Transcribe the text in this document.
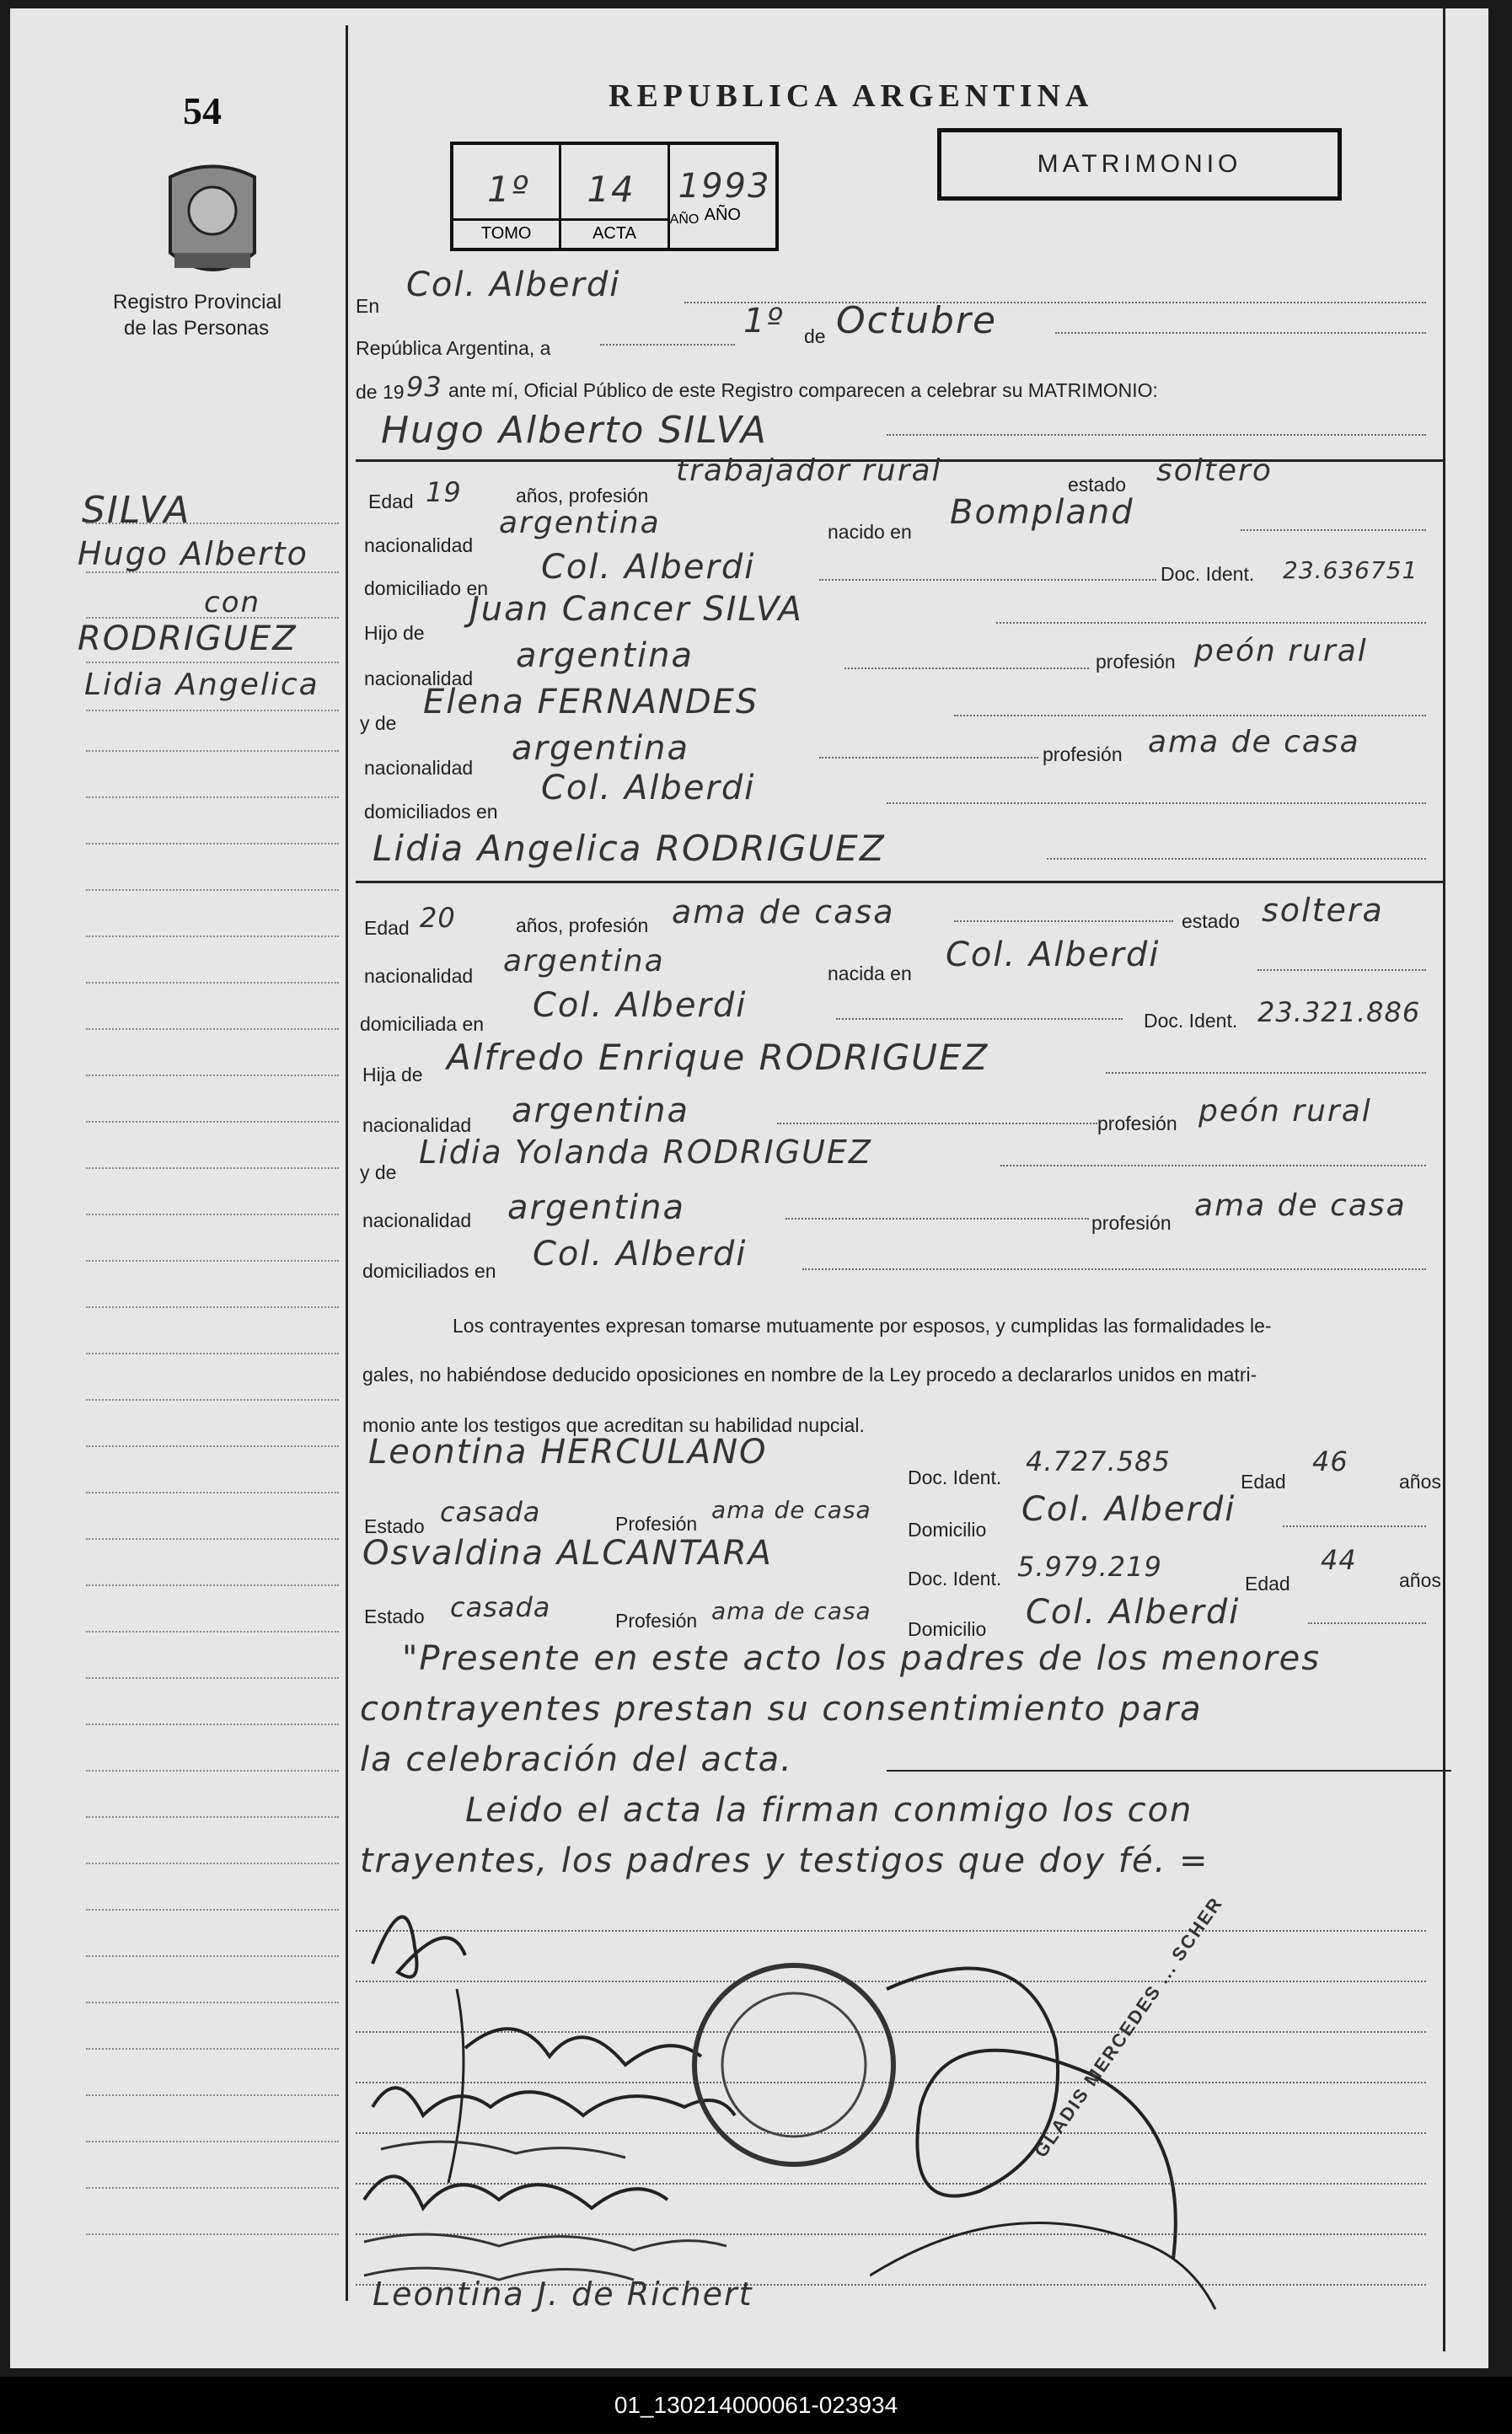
54
Registro Provincial
de las Personas
REPUBLICA ARGENTINA
MATRIMONIO
1º
TOMO
14
ACTA
1993
AÑO AÑO
SILVA
Hugo Alberto
con
RODRIGUEZ
Lidia Angelica
En
Col. Alberdi
República Argentina, a
1º de Octubre
de 19 93 ante mí, Oficial Público de este Registro comparecen a celebrar su MATRIMONIO:
Hugo Alberto SILVA
Edad 19	años, profesión
trabajador rural	estado soltero
nacionalidad
argentina	nacido en Bompland
domiciliado en
Col. Alberdi	Doc. Ident. 23.636751
Hijo de
Juan Cancer SILVA
nacionalidad
argentina	profesión peón rural
y de
Elena FERNANDES
nacionalidad argentina	profesión ama de casa
domiciliados en
Col. Alberdi
Lidia Angelica RODRIGUEZ
Edad 20	años, profesión ama de casa	estado soltera
nacionalidad argentina	nacida en Col. Alberdi
domiciliada en Col. Alberdi	Doc. Ident. 23.321.886
Hija de Alfredo Enrique RODRIGUEZ
nacionalidad argentina	profesión peón rural
y de
Lidia Yolanda RODRIGUEZ
nacionalidad argentina	profesión ama de casa
domiciliados en Col. Alberdi
Los contrayentes expresan tomarse mutuamente por esposos, y cumplidas las formalidades le-
gales, no habiéndose deducido oposiciones en nombre de la Ley procedo a declararlos unidos en matri-
monio ante los testigos que acreditan su habilidad nupcial.
Leontina HERCULANO
Doc. Ident. 4.727.585
Edad
46
años
Estado casada	Profesión ama de casa
Domicilio
Col. Alberdi
Osvaldina ALCANTARA
Doc. Ident. 5.979.219
Edad
44
años
Estado casada	Profesión ama de casa
Domicilio Col. Alberdi
"Presente en este acto los padres de los menores
contrayentes prestan su consentimiento para
la celebración del acta.
Leido el acta la firman conmigo los con
trayentes, los padres y testigos que doy fé. =
Leontina J. de Richert
GLADIS MERCEDES ... SCHER
01_130214000061-023934
